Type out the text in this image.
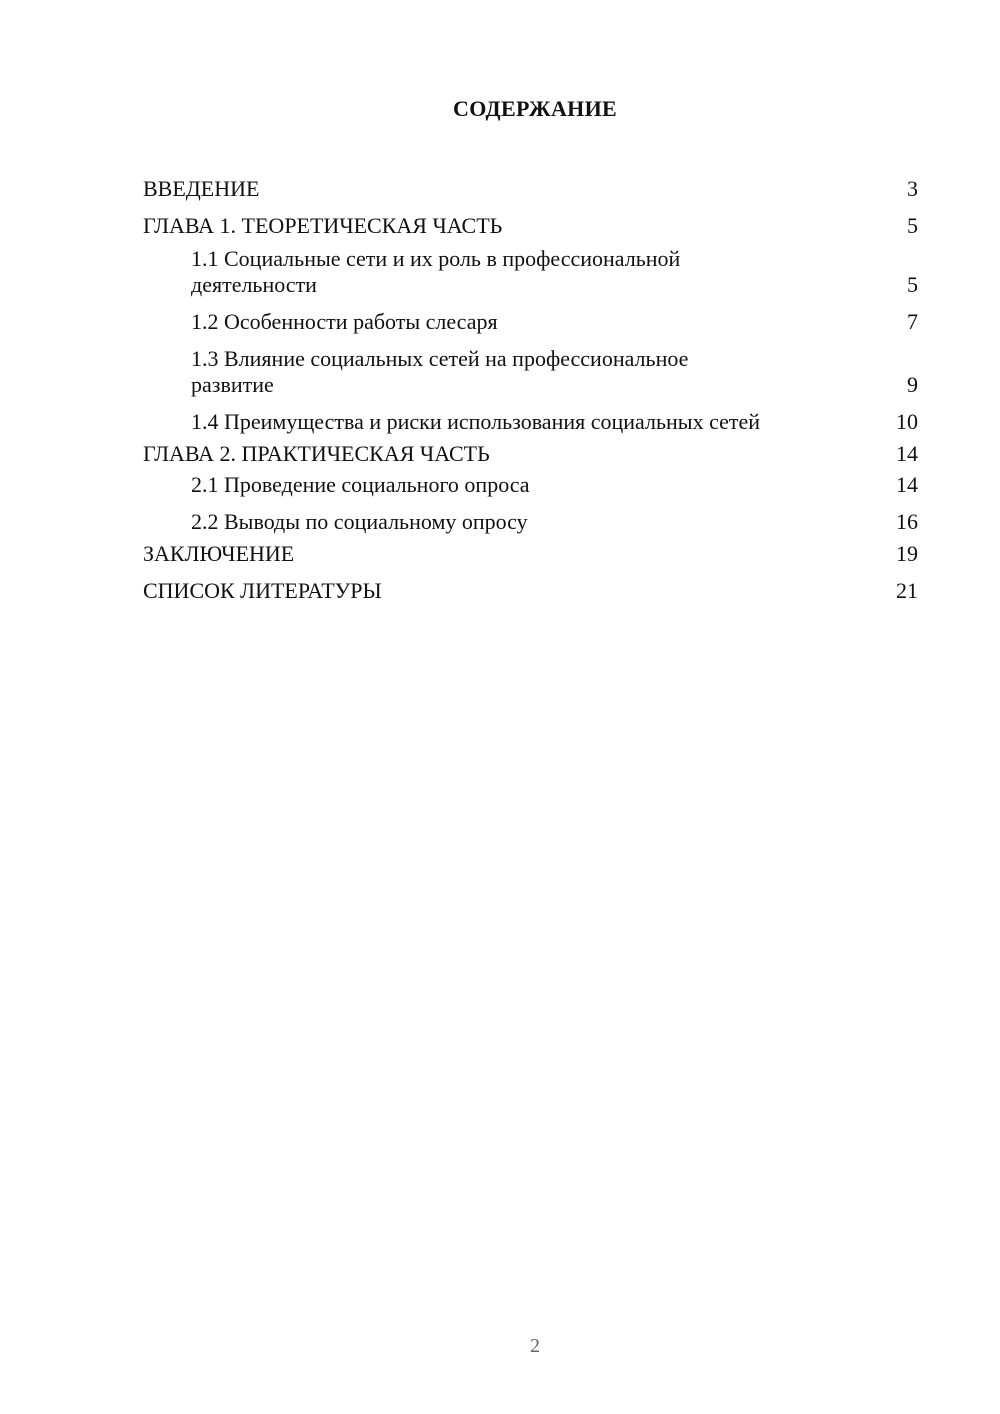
СОДЕРЖАНИЕ
ВВЕДЕНИЕ	3
ГЛАВА 1. ТЕОРЕТИЧЕСКАЯ ЧАСТЬ	5
1.1 Социальные сети и их роль в профессиональной деятельности	5
1.2 Особенности работы слесаря	7
1.3 Влияние социальных сетей на профессиональное развитие	9
1.4 Преимущества и риски использования социальных сетей	10
ГЛАВА 2. ПРАКТИЧЕСКАЯ ЧАСТЬ	14
2.1 Проведение социального опроса	14
2.2 Выводы по социальному опросу	16
ЗАКЛЮЧЕНИЕ	19
СПИСОК ЛИТЕРАТУРЫ	21
2
